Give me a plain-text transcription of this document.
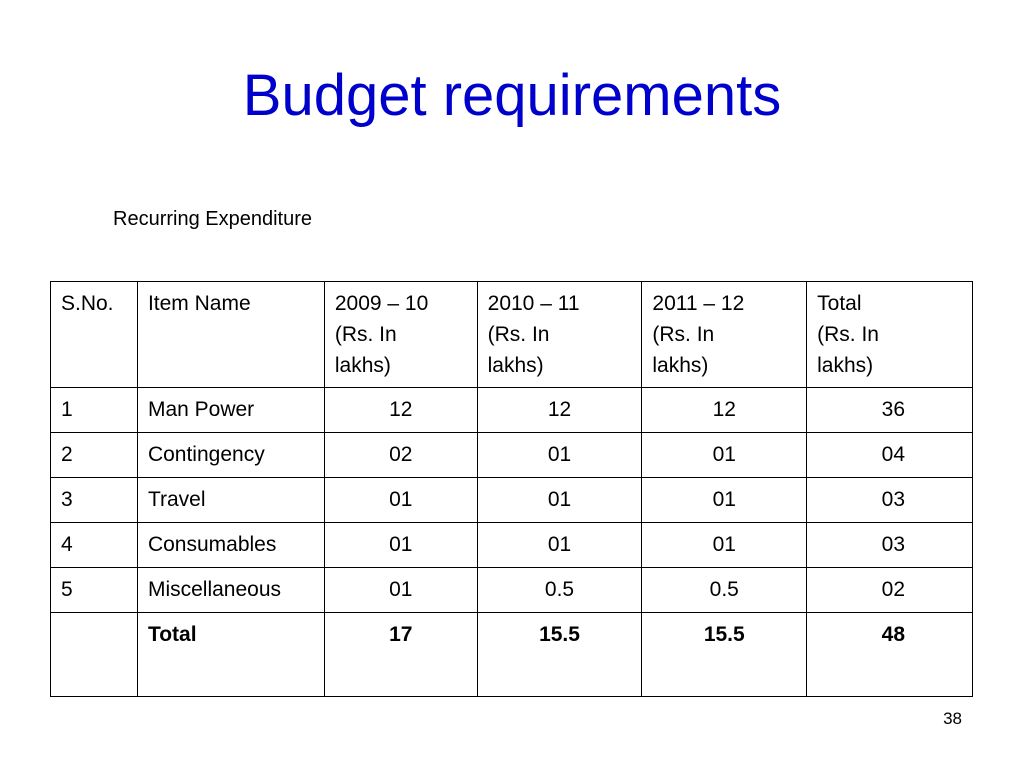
Budget requirements
Recurring Expenditure
S.No.	Item Name	2009 – 10
(Rs. In
lakhs)	2010 – 11
(Rs. In
lakhs)	2011 – 12
(Rs. In
lakhs)	Total
(Rs. In
lakhs)

1	Man Power	12	12	12	36
2	Contingency	02	01	01	04
3	Travel	01	01	01	03
4	Consumables	01	01	01	03
5	Miscellaneous	01	0.5	0.5	02
	Total	17	15.5	15.5	48
38
